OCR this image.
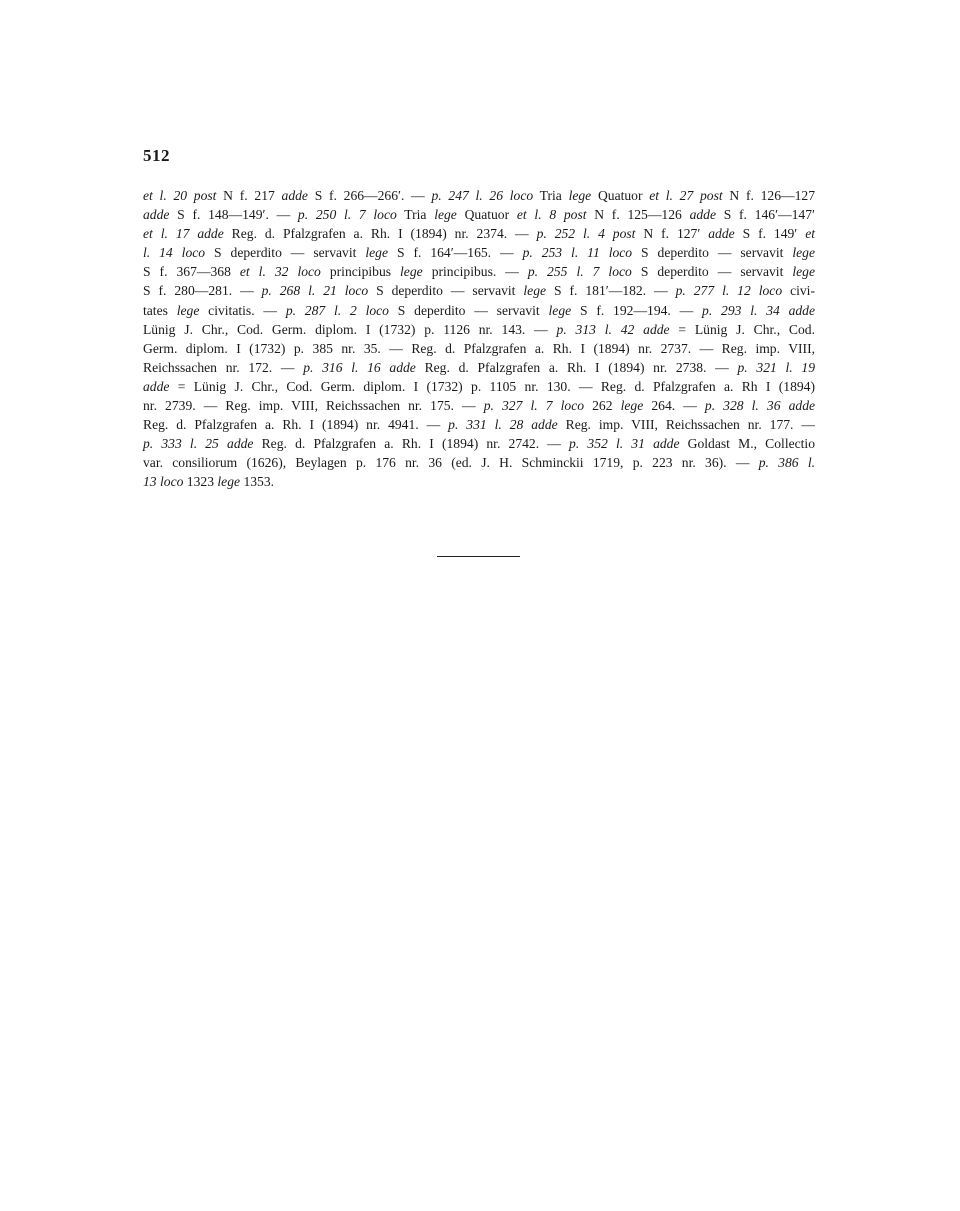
512
et l. 20 post N f. 217 adde S f. 266—266′. — p. 247 l. 26 loco Tria lege Quatuor et l. 27 post N f. 126—127
adde S f. 148—149′. — p. 250 l. 7 loco Tria lege Quatuor et l. 8 post N f. 125—126 adde S f. 146′—147′
et l. 17 adde Reg. d. Pfalzgrafen a. Rh. I (1894) nr. 2374. — p. 252 l. 4 post N f. 127′ adde S f. 149′ et
l. 14 loco S deperdito — servavit lege S f. 164′—165. — p. 253 l. 11 loco S deperdito — servavit lege
S f. 367—368 et l. 32 loco principibus lege principibus. — p. 255 l. 7 loco S deperdito — servavit lege
S f. 280—281. — p. 268 l. 21 loco S deperdito — servavit lege S f. 181′—182. — p. 277 l. 12 loco civi-
tates lege civitatis. — p. 287 l. 2 loco S deperdito — servavit lege S f. 192—194. — p. 293 l. 34 adde
Lünig J. Chr., Cod. Germ. diplom. I (1732) p. 1126 nr. 143. — p. 313 l. 42 adde = Lünig J. Chr., Cod.
Germ. diplom. I (1732) p. 385 nr. 35. — Reg. d. Pfalzgrafen a. Rh. I (1894) nr. 2737. — Reg. imp. VIII,
Reichssachen nr. 172. — p. 316 l. 16 adde Reg. d. Pfalzgrafen a. Rh. I (1894) nr. 2738. — p. 321 l. 19
adde = Lünig J. Chr., Cod. Germ. diplom. I (1732) p. 1105 nr. 130. — Reg. d. Pfalzgrafen a. Rh I (1894)
nr. 2739. — Reg. imp. VIII, Reichssachen nr. 175. — p. 327 l. 7 loco 262 lege 264. — p. 328 l. 36 adde
Reg. d. Pfalzgrafen a. Rh. I (1894) nr. 4941. — p. 331 l. 28 adde Reg. imp. VIII, Reichssachen nr. 177. —
p. 333 l. 25 adde Reg. d. Pfalzgrafen a. Rh. I (1894) nr. 2742. — p. 352 l. 31 adde Goldast M., Collectio
var. consiliorum (1626), Beylagen p. 176 nr. 36 (ed. J. H. Schminckii 1719, p. 223 nr. 36). — p. 386 l.
13 loco 1323 lege 1353.
